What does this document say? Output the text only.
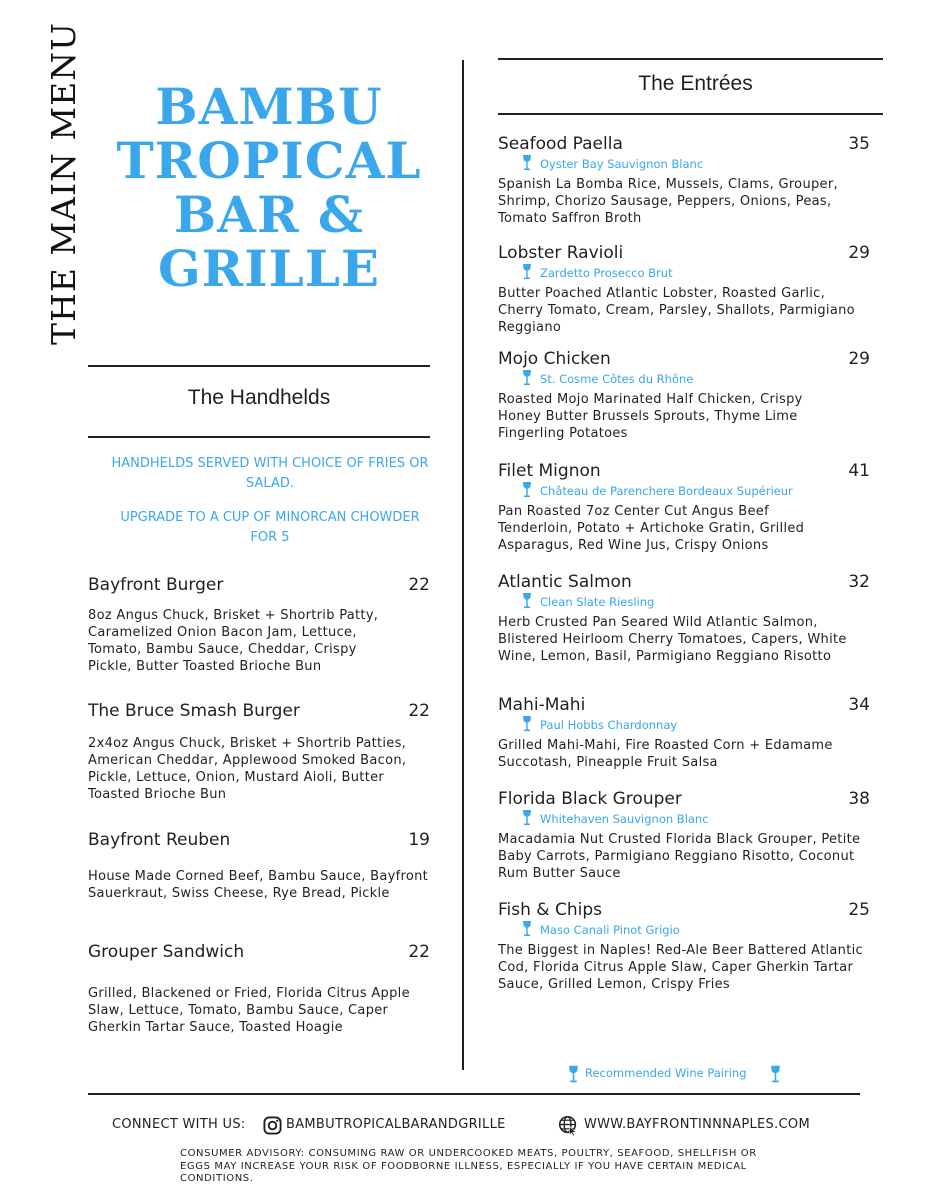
THE MAIN MENU	BAMBU
TROPICAL
BAR &
GRILLE
The Handhelds
HANDHELDS SERVED WITH CHOICE OF FRIES OR SALAD.
UPGRADE TO A CUP OF MINORCAN CHOWDER FOR 5
Bayfront Burger	22
8oz Angus Chuck, Brisket + Shortrib Patty, Caramelized Onion Bacon Jam, Lettuce, Tomato, Bambu Sauce, Cheddar, Crispy Pickle, Butter Toasted Brioche Bun
The Bruce Smash Burger	22
2x4oz Angus Chuck, Brisket + Shortrib Patties, American Cheddar, Applewood Smoked Bacon, Pickle, Lettuce, Onion, Mustard Aioli, Butter Toasted Brioche Bun
Bayfront Reuben	19
House Made Corned Beef, Bambu Sauce, Bayfront Sauerkraut, Swiss Cheese, Rye Bread, Pickle
Grouper Sandwich	22
Grilled, Blackened or Fried, Florida Citrus Apple Slaw, Lettuce, Tomato, Bambu Sauce, Caper Gherkin Tartar Sauce, Toasted Hoagie
The Entrées
Seafood Paella	35
Oyster Bay Sauvignon Blanc
Spanish La Bomba Rice, Mussels, Clams, Grouper, Shrimp, Chorizo Sausage, Peppers, Onions, Peas, Tomato Saffron Broth
Lobster Ravioli	29
Zardetto Prosecco Brut
Butter Poached Atlantic Lobster, Roasted Garlic, Cherry Tomato, Cream, Parsley, Shallots, Parmigiano Reggiano
Mojo Chicken	29
St. Cosme Côtes du Rhône
Roasted Mojo Marinated Half Chicken, Crispy Honey Butter Brussels Sprouts, Thyme Lime Fingerling Potatoes
Filet Mignon	41
Château de Parenchere Bordeaux Supérieur
Pan Roasted 7oz Center Cut Angus Beef Tenderloin, Potato + Artichoke Gratin, Grilled Asparagus, Red Wine Jus, Crispy Onions
Atlantic Salmon	32
Clean Slate Riesling
Herb Crusted Pan Seared Wild Atlantic Salmon, Blistered Heirloom Cherry Tomatoes, Capers, White Wine, Lemon, Basil, Parmigiano Reggiano Risotto
Mahi-Mahi	34
Paul Hobbs Chardonnay
Grilled Mahi-Mahi, Fire Roasted Corn + Edamame Succotash, Pineapple Fruit Salsa
Florida Black Grouper	38
Whitehaven Sauvignon Blanc
Macadamia Nut Crusted Florida Black Grouper, Petite Baby Carrots, Parmigiano Reggiano Risotto, Coconut Rum Butter Sauce
Fish & Chips	25
Maso Canali Pinot Grigio
The Biggest in Naples! Red-Ale Beer Battered Atlantic Cod, Florida Citrus Apple Slaw, Caper Gherkin Tartar Sauce, Grilled Lemon, Crispy Fries
Recommended Wine Pairing
CONNECT WITH US:	BAMBUTROPICALBARANDGRILLE	WWW.BAYFRONTINNNAPLES.COM
CONSUMER ADVISORY: CONSUMING RAW OR UNDERCOOKED MEATS, POULTRY, SEAFOOD, SHELLFISH OR EGGS MAY INCREASE YOUR RISK OF FOODBORNE ILLNESS, ESPECIALLY IF YOU HAVE CERTAIN MEDICAL CONDITIONS.
